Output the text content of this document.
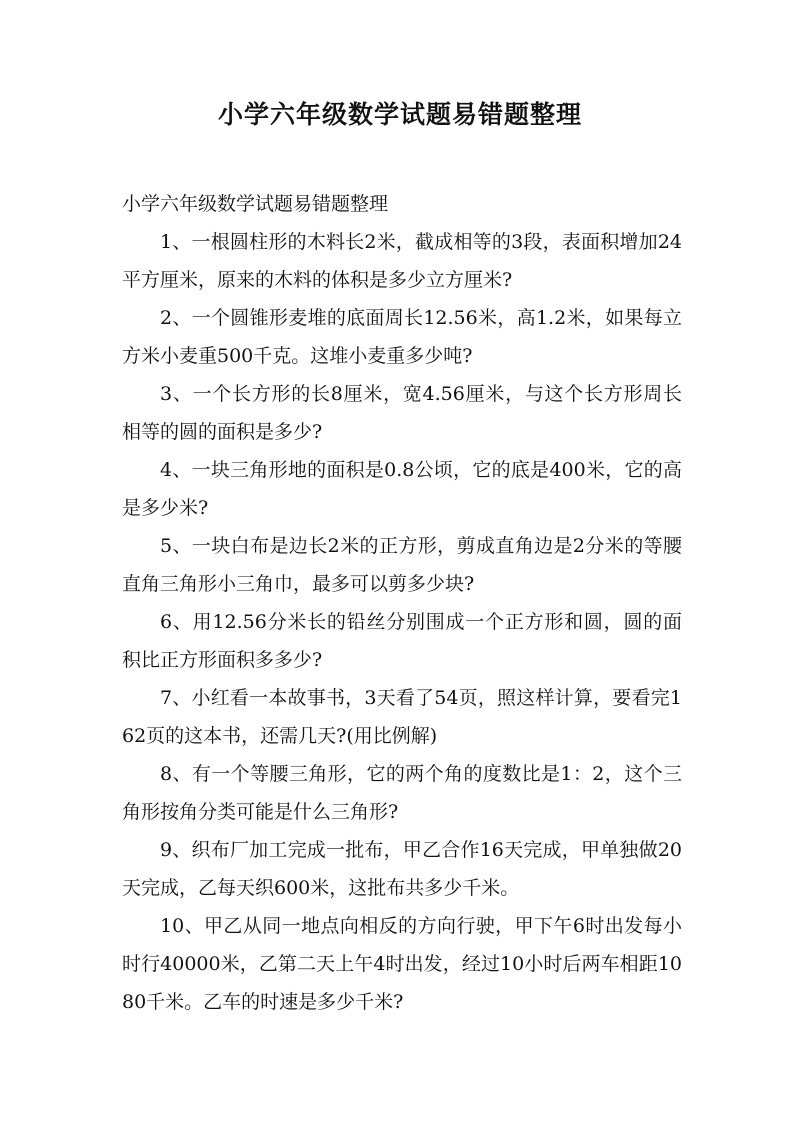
小学六年级数学试题易错题整理

小学六年级数学试题易错题整理

1、一根圆柱形的木料长2米，截成相等的3段，表面积增加24平方厘米，原来的木料的体积是多少立方厘米?

2、一个圆锥形麦堆的底面周长12.56米，高1.2米，如果每立方米小麦重500千克。这堆小麦重多少吨?

3、一个长方形的长8厘米，宽4.56厘米，与这个长方形周长相等的圆的面积是多少?

4、一块三角形地的面积是0.8公顷，它的底是400米，它的高是多少米?

5、一块白布是边长2米的正方形，剪成直角边是2分米的等腰直角三角形小三角巾，最多可以剪多少块?

6、用12.56分米长的铅丝分别围成一个正方形和圆，圆的面积比正方形面积多多少?

7、小红看一本故事书，3天看了54页，照这样计算，要看完162页的这本书，还需几天?(用比例解)

8、有一个等腰三角形，它的两个角的度数比是1：2，这个三角形按角分类可能是什么三角形?

9、织布厂加工完成一批布，甲乙合作16天完成，甲单独做20天完成，乙每天织600米，这批布共多少千米。

10、甲乙从同一地点向相反的方向行驶，甲下午6时出发每小时行40000米，乙第二天上午4时出发，经过10小时后两车相距1080千米。乙车的时速是多少千米?
